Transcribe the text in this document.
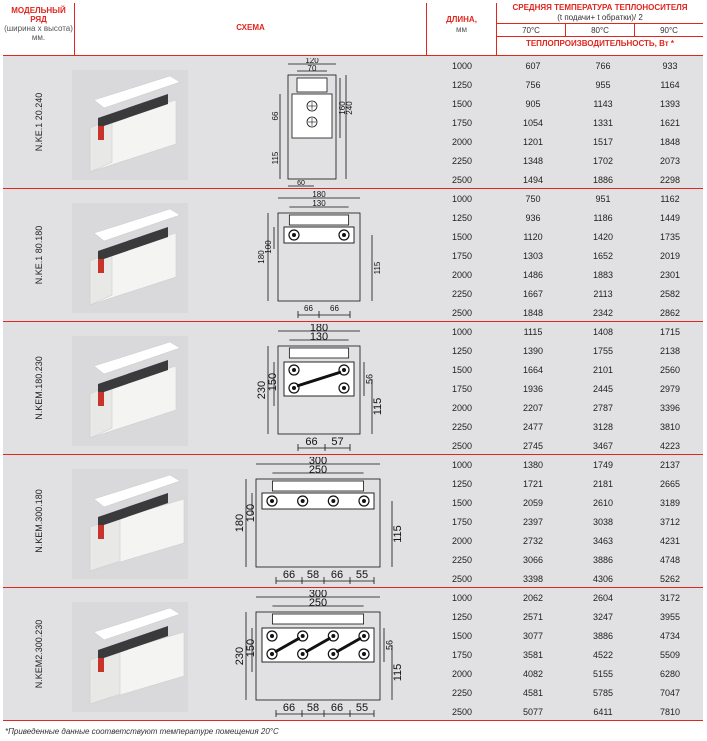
МОДЕЛЬНЫЙ РЯД
(ширина х высота) мм.
СХЕМА
ДЛИНА,
мм
СРЕДНЯЯ ТЕМПЕРАТУРА ТЕПЛОНОСИТЕЛЯ
(t подачи+ t обратки)/ 2
70°C	80°C	90°C
ТЕПЛОПРОИЗВОДИТЕЛЬНОСТЬ, Вт *
N.KE.1 20.240
120
70
240
160
66
115
60
1000	607	766	933
1250	756	955	1164
1500	905	1143	1393
1750	1054	1331	1621
2000	1201	1517	1848
2250	1348	1702	2073
2500	1494	1886	2298
N.KE.1 80.180
180
130
180
100
115
66 66
1000	750	951	1162
1250	936	1186	1449
1500	1120	1420	1735
1750	1303	1652	2019
2000	1486	1883	2301
2250	1667	2113	2582
2500	1848	2342	2862
N.KEM.180.230
180
130
230 150	56
115
66 57
1000	1115	1408	1715
1250	1390	1755	2138
1500	1664	2101	2560
1750	1936	2445	2979
2000	2207	2787	3396
2250	2477	3128	3810
2500	2745	3467	4223
N.KEM.300.180
300
250
180
100
115
66 58 66 55
1000	1380	1749	2137
1250	1721	2181	2665
1500	2059	2610	3189
1750	2397	3038	3712
2000	2732	3463	4231
2250	3066	3886	4748
2500	3398	4306	5262
N.KEM2.300.230
300
250
230 150	56
115
66 58 66 55
1000	2062	2604	3172
1250	2571	3247	3955
1500	3077	3886	4734
1750	3581	4522	5509
2000	4082	5155	6280
2250	4581	5785	7047
2500	5077	6411	7810
*Приведенные данные соответствуют температуре помещения 20°C
